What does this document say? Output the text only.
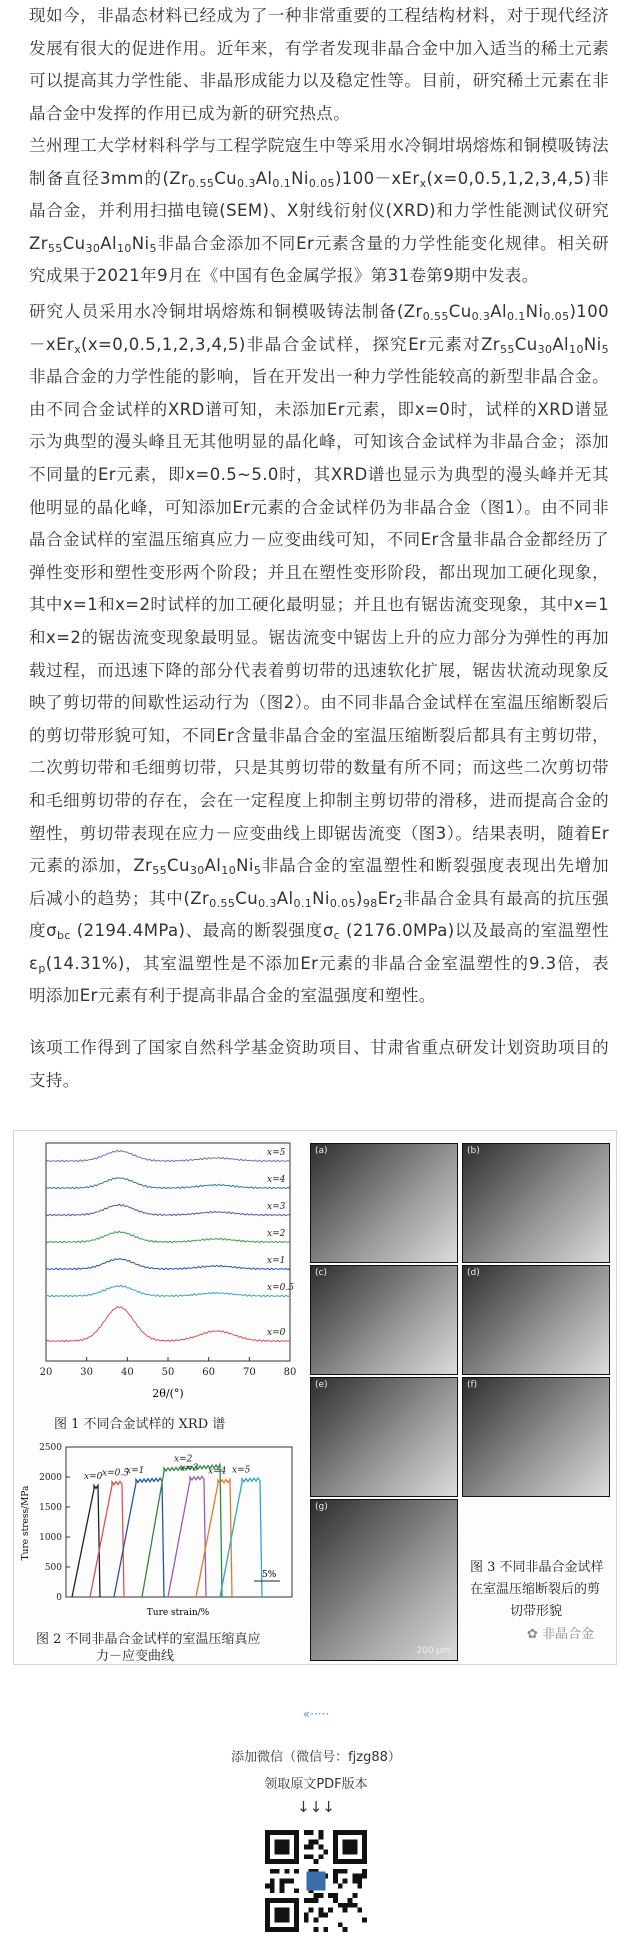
现如今，非晶态材料已经成为了一种非常重要的工程结构材料，对于现代经济发展有很大的促进作用。近年来，有学者发现非晶合金中加入适当的稀土元素可以提高其力学性能、非晶形成能力以及稳定性等。目前，研究稀土元素在非晶合金中发挥的作用已成为新的研究热点。

兰州理工大学材料科学与工程学院寇生中等采用水冷铜坩埚熔炼和铜模吸铸法制备直径3mm的$(Zr_{0.55}Cu_{0.3}Al_{0.1}Ni_{0.05})100-xEr_x(x=0,0.5,1,2,3,4,5)$非晶合金，并利用扫描电镜(SEM)、X射线衍射仪(XRD)和力学性能测试仪研究$Zr_{55}Cu_{30}Al_{10}Ni_5$非晶合金添加不同Er元素含量的力学性能变化规律。相关研究成果于2021年9月在《中国有色金属学报》第31卷第9期中发表。

研究人员采用水冷铜坩埚熔炼和铜模吸铸法制备$(Zr_{0.55}Cu_{0.3}Al_{0.1}Ni_{0.05})100-xEr_x(x=0,0.5,1,2,3,4,5)$非晶合金试样，探究Er元素对$Zr_{55}Cu_{30}Al_{10}Ni_5$非晶合金的力学性能的影响，旨在开发出一种力学性能较高的新型非晶合金。由不同合金试样的XRD谱可知，未添加Er元素，即x=0时，试样的XRD谱显示为典型的漫头峰且无其他明显的晶化峰，可知该合金试样为非晶合金；添加不同量的Er元素，即x=0.5~5.0时，其XRD谱也显示为典型的漫头峰并无其他明显的晶化峰，可知添加Er元素的合金试样仍为非晶合金（图1）。由不同非晶合金试样的室温压缩真应力－应变曲线可知，不同Er含量非晶合金都经历了弹性变形和塑性变形两个阶段；并且在塑性变形阶段，都出现加工硬化现象，其中x=1和x=2时试样的加工硬化最明显；并且也有锯齿流变现象，其中x=1和x=2的锯齿流变现象最明显。锯齿流变中锯齿上升的应力部分为弹性的再加载过程，而迅速下降的部分代表着剪切带的迅速软化扩展，锯齿状流动现象反映了剪切带的间歇性运动行为（图2）。由不同非晶合金试样在室温压缩断裂后的剪切带形貌可知，不同Er含量非晶合金的室温压缩断裂后都具有主剪切带，二次剪切带和毛细剪切带，只是其剪切带的数量有所不同；而这些二次剪切带和毛细剪切带的存在，会在一定程度上抑制主剪切带的滑移，进而提高合金的塑性，剪切带表现在应力－应变曲线上即锯齿流变（图3）。结果表明，随着Er元素的添加，$Zr_{55}Cu_{30}Al_{10}Ni_5$非晶合金的室温塑性和断裂强度表现出先增加后减小的趋势；其中$(Zr_{0.55}Cu_{0.3}Al_{0.1}Ni_{0.05})_{98}Er_2$非晶合金具有最高的抗压强度$\sigma_{bc}$ (2194.4MPa)、最高的断裂强度$\sigma_c$ (2176.0MPa)以及最高的室温塑性$\varepsilon_p(14.31\%)$，其室温塑性是不添加Er元素的非晶合金室温塑性的9.3倍，表明添加Er元素有利于提高非晶合金的室温强度和塑性。

该项工作得到了国家自然科学基金资助项目、甘肃省重点研发计划资助项目的支持。

x=5
x=4
x=3
x=2
x=1
x=0.5
x=0
20	30	40	50	60	70	80
2θ/(°)
图 1 不同合金试样的 XRD 谱
2500
2000
1500
1000
500
0
x=0 x=0.5
x=1
x=2
x=3 x=4 x=5
Ture stress/MPa
Ture strain/%
5%
图 2 不同非晶合金试样的室温压缩真应
力－应变曲线
(a)	(b)
(c)	(d)
(e)	(f)
(g)
200 μm
图 3 不同非晶合金试样
在室温压缩断裂后的剪
切带形貌
✿ 非晶合金
«·····
添加微信（微信号：fjzg88）
领取原文PDF版本
↓↓↓
